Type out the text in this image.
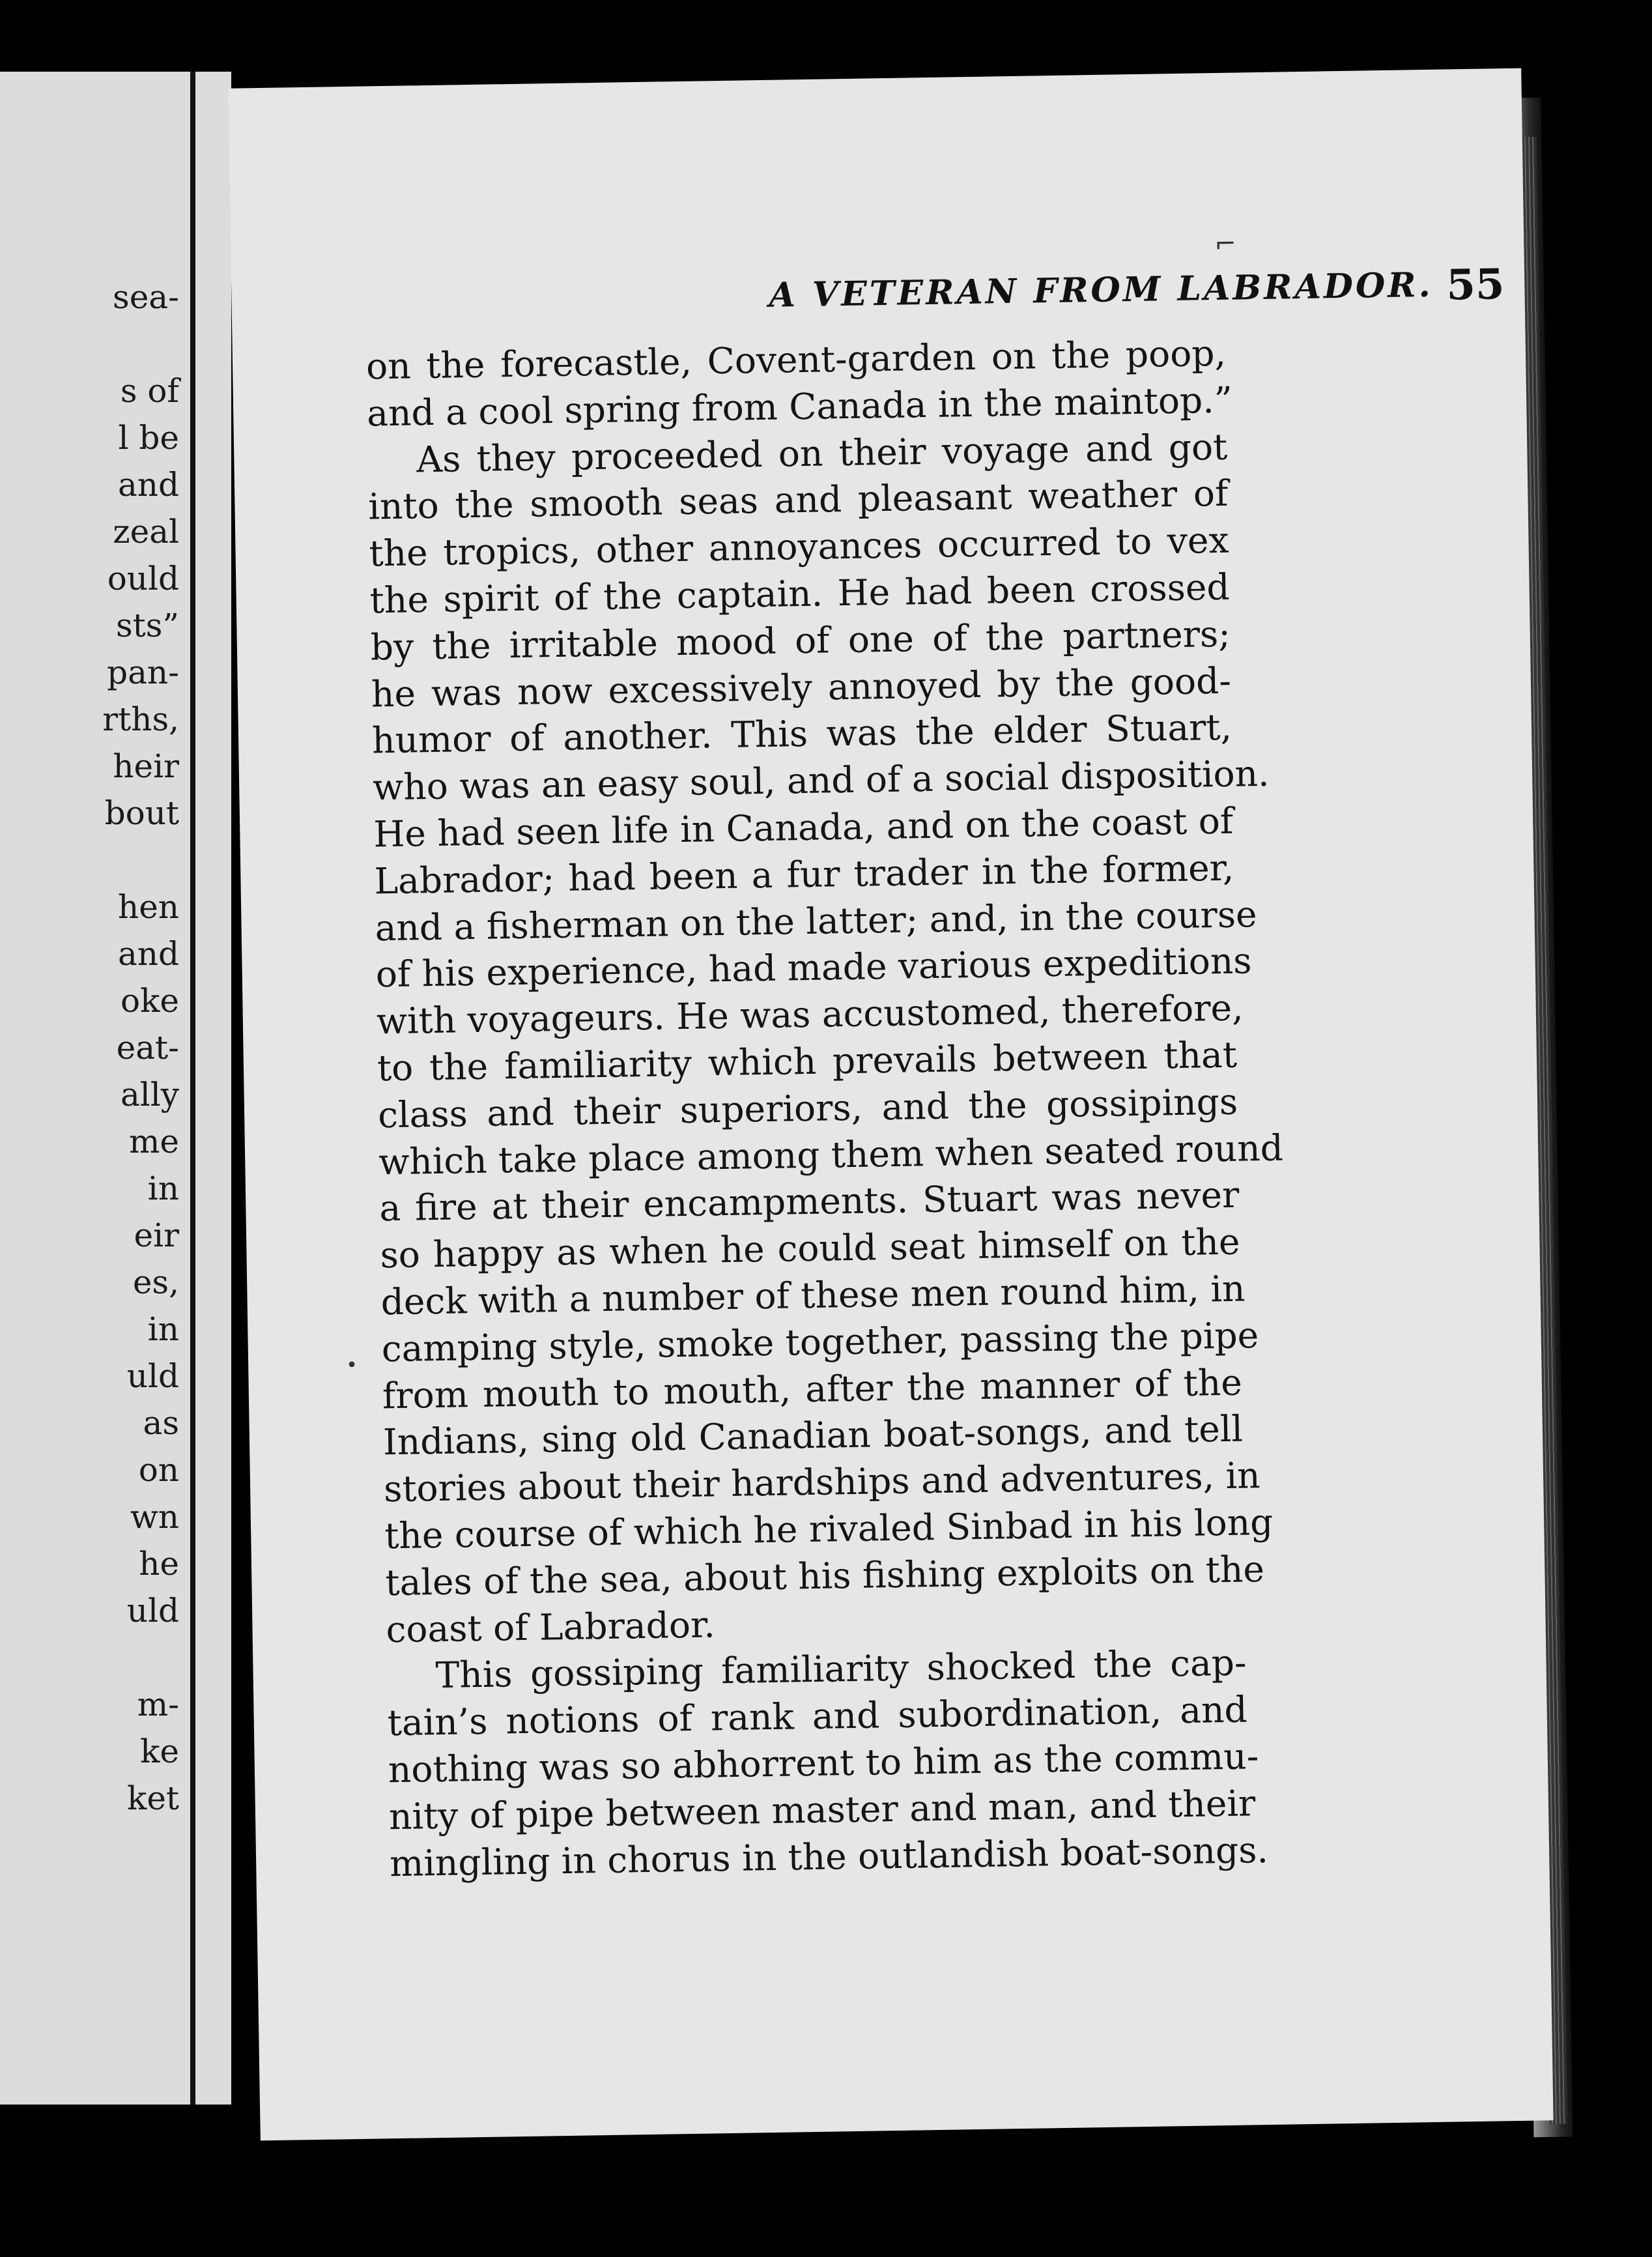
sea-
s of
l be
and
zeal
ould
sts”
pan-
rths,
heir
bout
hen
and
oke
eat-
ally
me
in
eir
es,
in
uld
as
on
wn
he
uld
m-
ke
ket
A VETERAN FROM LABRADOR. 55
on the forecastle, Covent-garden on the poop,
and a cool spring from Canada in the maintop.”
As they proceeded on their voyage and got
into the smooth seas and pleasant weather of
the tropics, other annoyances occurred to vex
the spirit of the captain. He had been crossed
by the irritable mood of one of the partners;
he was now excessively annoyed by the good-
humor of another. This was the elder Stuart,
who was an easy soul, and of a social disposition.
He had seen life in Canada, and on the coast of
Labrador; had been a fur trader in the former,
and a fisherman on the latter; and, in the course
of his experience, had made various expeditions
with voyageurs. He was accustomed, therefore,
to the familiarity which prevails between that
class and their superiors, and the gossipings
which take place among them when seated round
a fire at their encampments. Stuart was never
so happy as when he could seat himself on the
deck with a number of these men round him, in
camping style, smoke together, passing the pipe
from mouth to mouth, after the manner of the
Indians, sing old Canadian boat-songs, and tell
stories about their hardships and adventures, in
the course of which he rivaled Sinbad in his long
tales of the sea, about his fishing exploits on the
coast of Labrador.
This gossiping familiarity shocked the cap-
tain’s notions of rank and subordination, and
nothing was so abhorrent to him as the commu-
nity of pipe between master and man, and their
mingling in chorus in the outlandish boat-songs.
⌐
•
